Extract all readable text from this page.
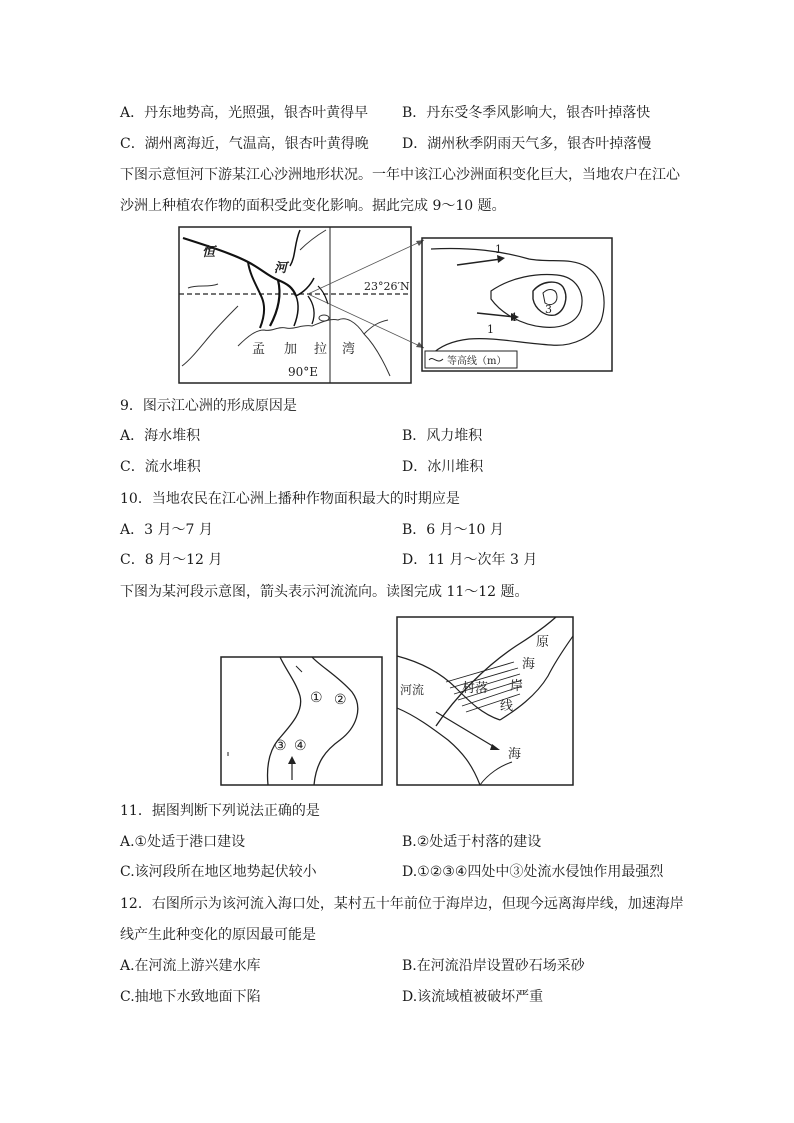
A．丹东地势高，光照强，银杏叶黄得早 B．丹东受冬季风影响大，银杏叶掉落快
C．湖州离海近，气温高，银杏叶黄得晚 D．湖州秋季阴雨天气多，银杏叶掉落慢
下图示意恒河下游某江心沙洲地形状况。一年中该江心沙洲面积变化巨大，当地农户在江心
沙洲上种植农作物的面积受此变化影响。据此完成 9～10 题。
恒
河
23°26′N
孟 加 拉 湾
90°E
1
1
1
3
等高线（m）
9．图示江心洲的形成原因是
A．海水堆积	B．风力堆积
C．流水堆积	D．冰川堆积
10．当地农民在江心洲上播种作物面积最大的时期应是
A．3 月～7 月	B．6 月～10 月
C．8 月～12 月	D．11 月～次年 3 月
下图为某河段示意图，箭头表示河流流向。读图完成 11～12 题。
① ②
③ ④
河流	村落
原
海
岸
线
海
11．据图判断下列说法正确的是
A.①处适于港口建设	B.②处适于村落的建设
C.该河段所在地区地势起伏较小	D.①②③④四处中③处流水侵蚀作用最强烈
12．右图所示为该河流入海口处，某村五十年前位于海岸边，但现今远离海岸线，加速海岸
线产生此种变化的原因最可能是
A.在河流上游兴建水库	B.在河流沿岸设置砂石场采砂
C.抽地下水致地面下陷	D.该流域植被破坏严重
